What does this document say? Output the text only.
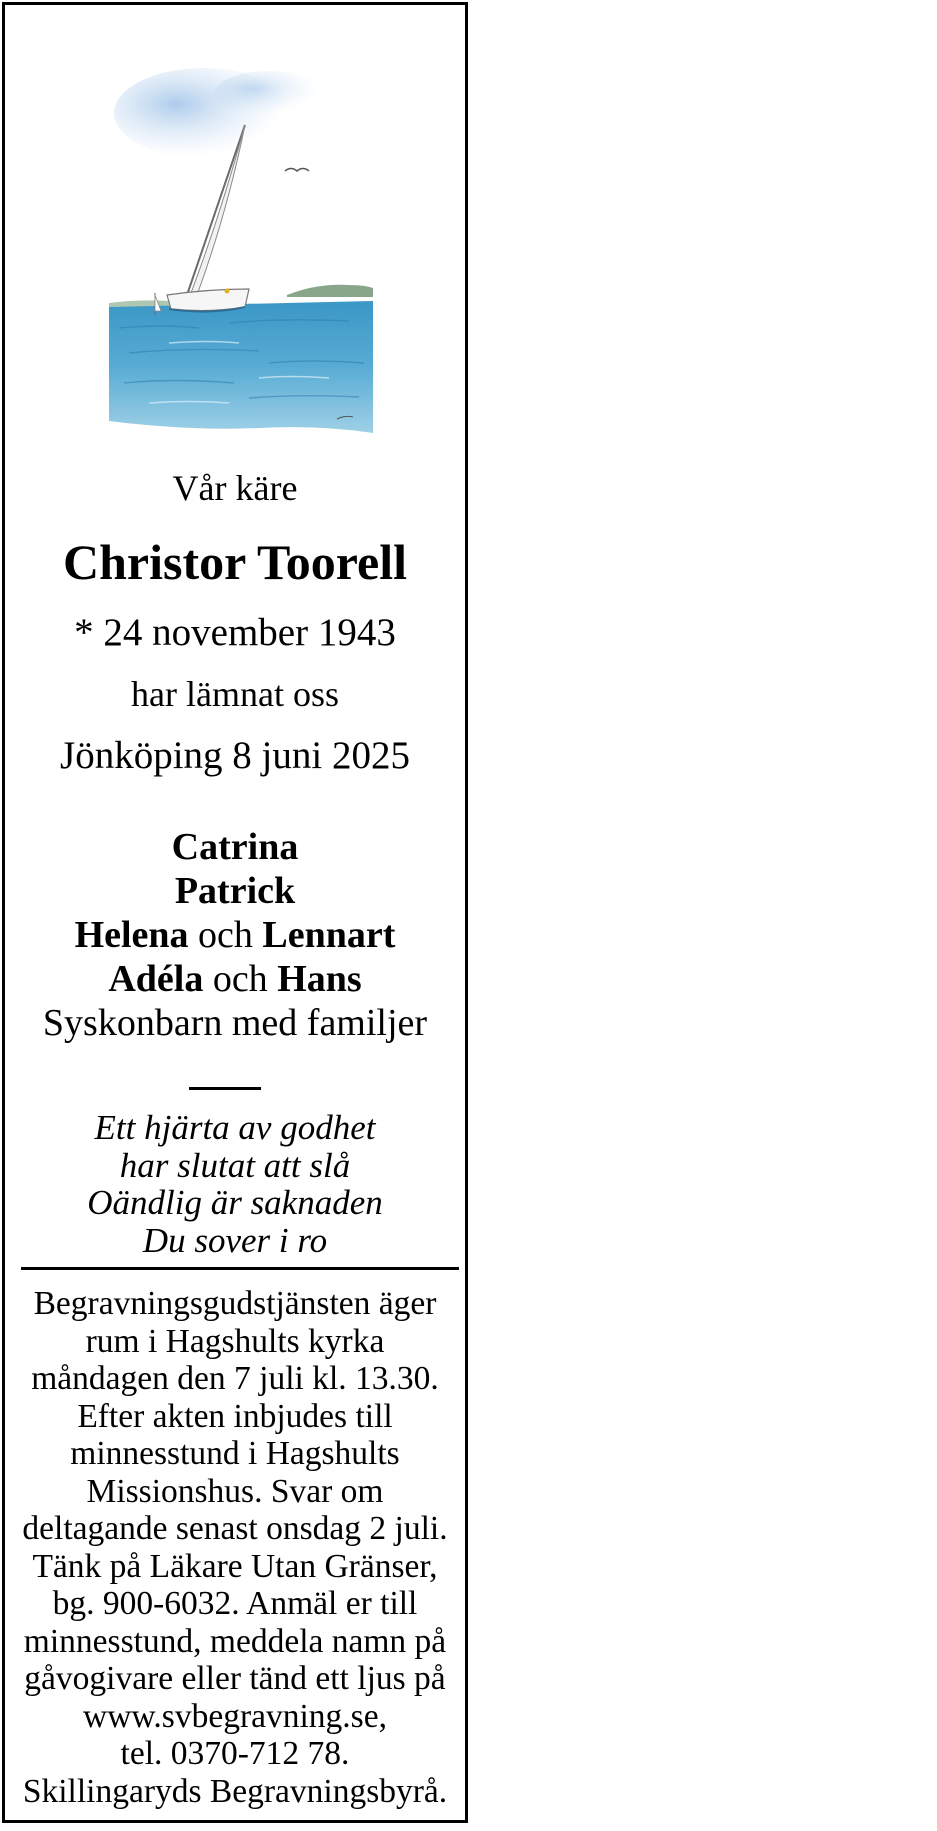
Vår käre
Christor Toorell
* 24 november 1943
har lämnat oss
Jönköping 8 juni 2025
Catrina
Patrick
Helena och Lennart
Adéla och Hans
Syskonbarn med familjer
Ett hjärta av godhet
har slutat att slå
Oändlig är saknaden
Du sover i ro
Begravningsgudstjänsten äger
rum i Hagshults kyrka
måndagen den 7 juli kl. 13.30.
Efter akten inbjudes till
minnesstund i Hagshults
Missionshus. Svar om
deltagande senast onsdag 2 juli.
Tänk på Läkare Utan Gränser,
bg. 900-6032. Anmäl er till
minnesstund, meddela namn på
gåvogivare eller tänd ett ljus på
www.svbegravning.se,
tel. 0370-712 78.
Skillingaryds Begravningsbyrå.
